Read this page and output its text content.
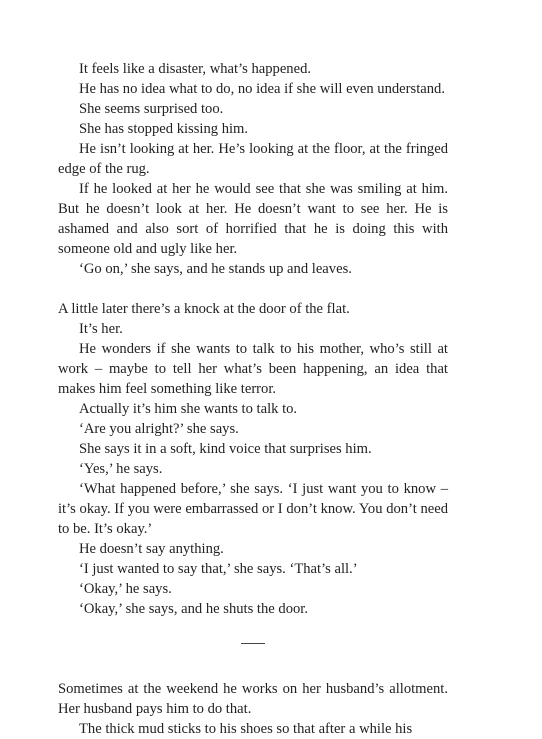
It feels like a disaster, what’s happened.

He has no idea what to do, no idea if she will even understand.

She seems surprised too.

She has stopped kissing him.

He isn’t looking at her. He’s looking at the floor, at the fringed edge of the rug.

If he looked at her he would see that she was smiling at him. But he doesn’t look at her. He doesn’t want to see her. He is ashamed and also sort of horrified that he is doing this with someone old and ugly like her.

‘Go on,’ she says, and he stands up and leaves.

A little later there’s a knock at the door of the flat.

It’s her.

He wonders if she wants to talk to his mother, who’s still at work – maybe to tell her what’s been happening, an idea that makes him feel something like terror.

Actually it’s him she wants to talk to.

‘Are you alright?’ she says.

She says it in a soft, kind voice that surprises him.

‘Yes,’ he says.

‘What happened before,’ she says. ‘I just want you to know – it’s okay. If you were embarrassed or I don’t know. You don’t need to be. It’s okay.’

He doesn’t say anything.

‘I just wanted to say that,’ she says. ‘That’s all.’

‘Okay,’ he says.

‘Okay,’ she says, and he shuts the door.

Sometimes at the weekend he works on her husband’s allotment. Her husband pays him to do that.

The thick mud sticks to his shoes so that after a while his
